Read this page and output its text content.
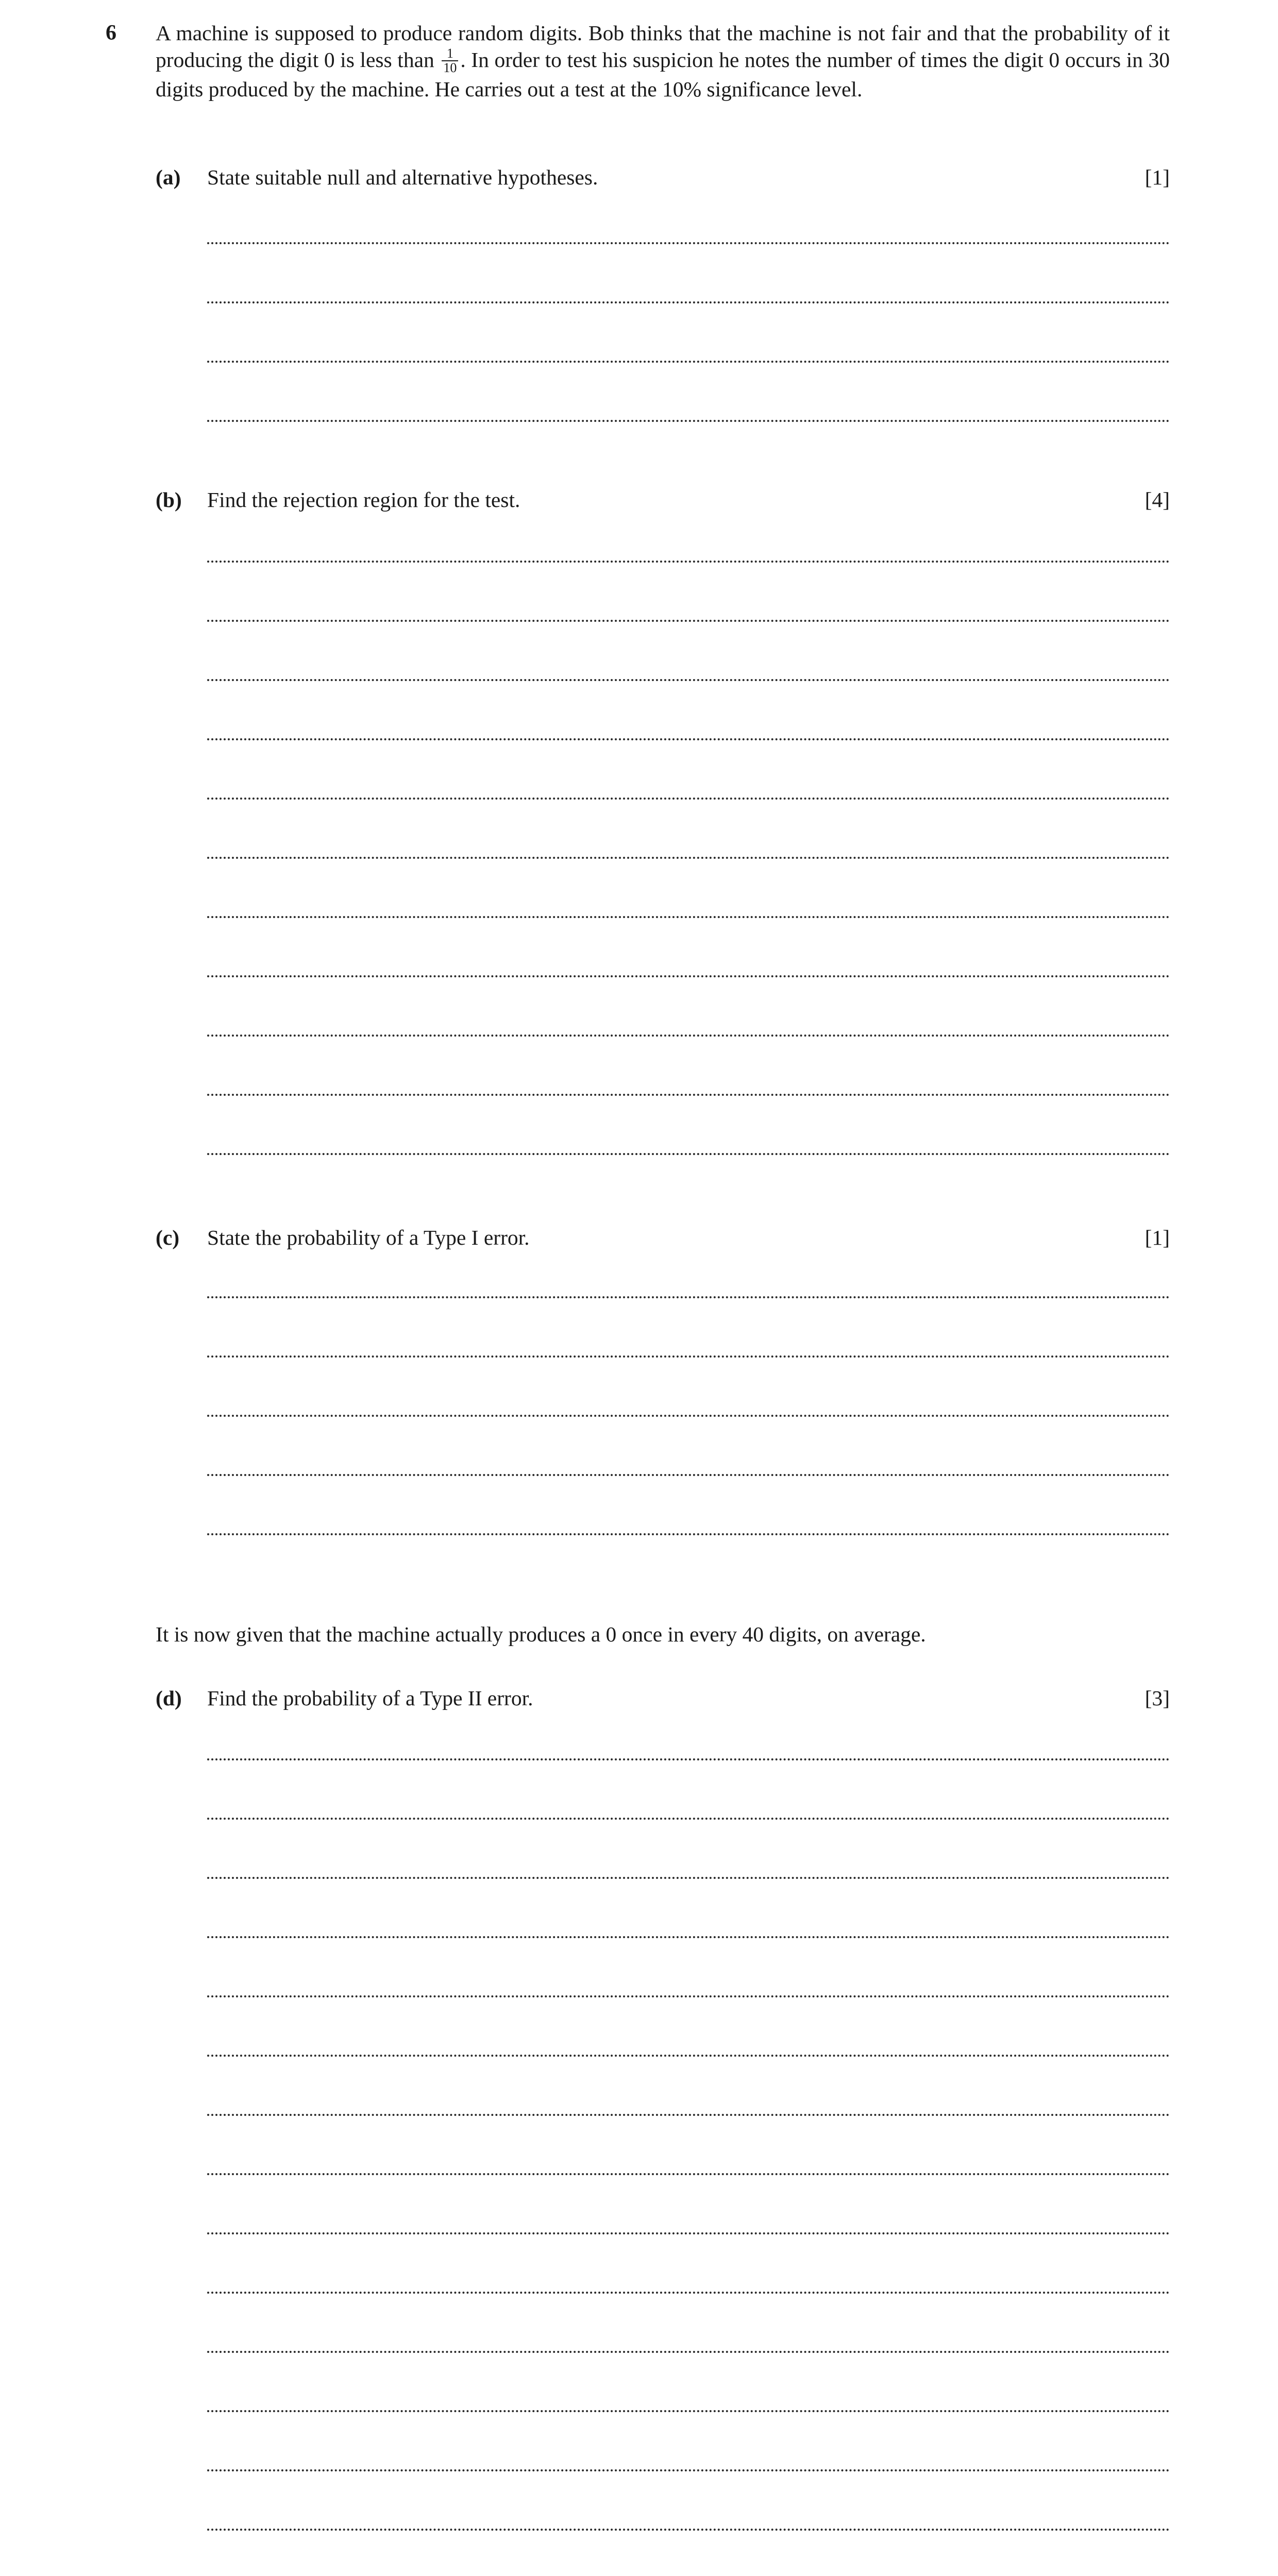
6 A machine is supposed to produce random digits. Bob thinks that the machine is not fair and that the probability of it producing the digit 0 is less than $\frac{1}{10}$ . In order to test his suspicion he notes the number of times the digit 0 occurs in 30 digits produced by the machine. He carries out a test at the 10% significance level.
(a) State suitable null and alternative hypotheses.	[1]
(b) Find the rejection region for the test.	[4]
(c) State the probability of a Type I error.	[1]
It is now given that the machine actually produces a 0 once in every 40 digits, on average.
(d) Find the probability of a Type II error.	[3]
